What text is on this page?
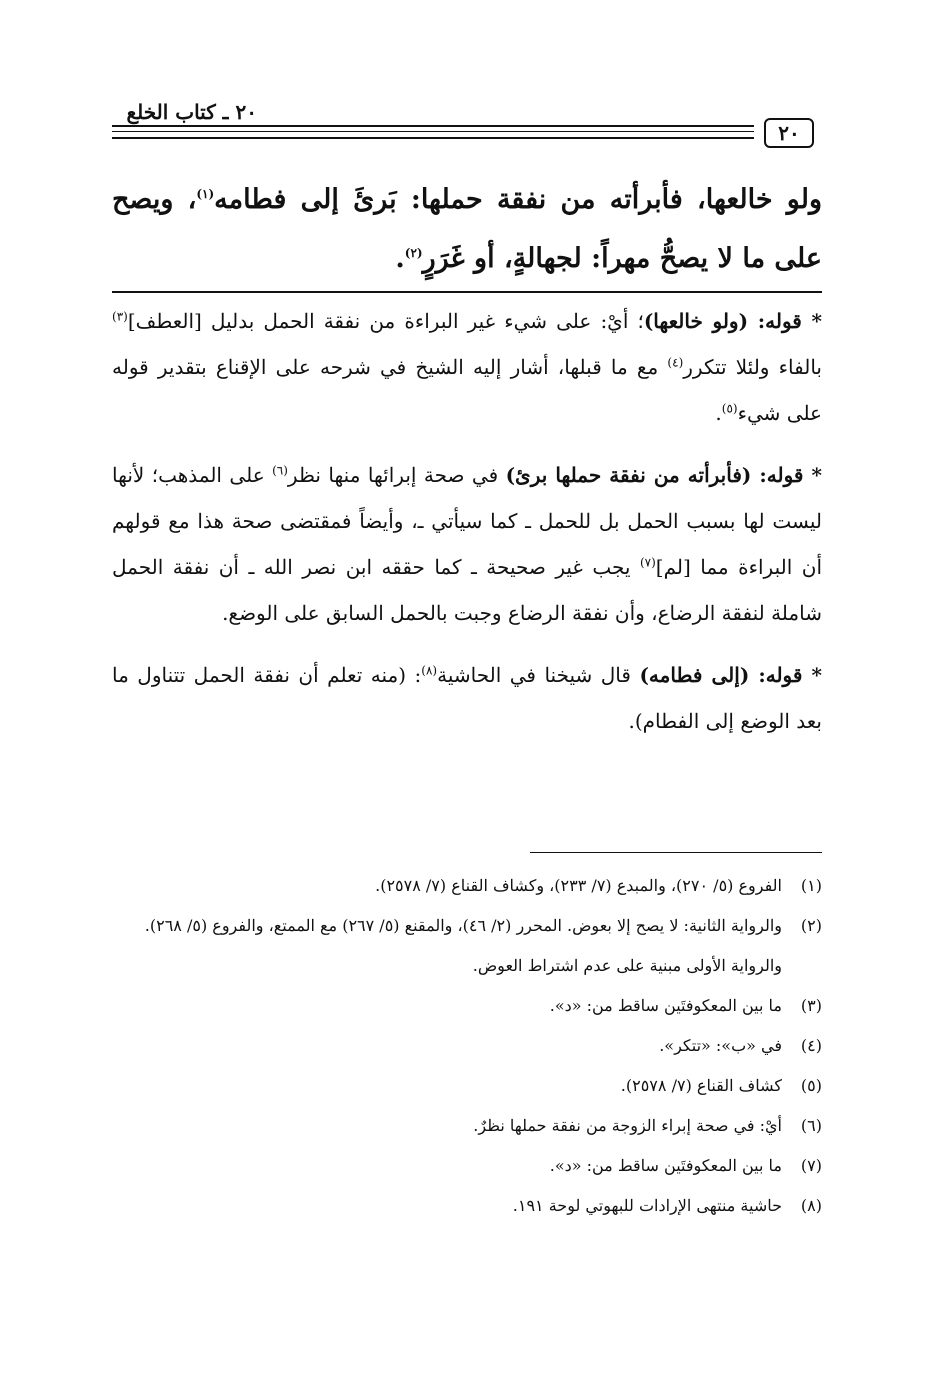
٢٠ ـ كتاب الخلع
٢٠

ولو خالعها، فأبرأته من نفقة حملها: بَرئَ إلى فطامه$^{(١)}$، ويصح على ما لا يصحُّ مهراً: لجهالةٍ، أو غَرَرٍ$^{(٢)}$.

* قوله: (ولو خالعها)؛ أيْ: على شيء غير البراءة من نفقة الحمل بدليل [العطف]$^{(٣)}$ بالفاء ولئلا تتكرر$^{(٤)}$ مع ما قبلها، أشار إليه الشيخ في شرحه على الإقناع بتقدير قوله على شيء$^{(٥)}$.

* قوله: (فأبرأته من نفقة حملها برئ) في صحة إبرائها منها نظر$^{(٦)}$ على المذهب؛ لأنها ليست لها بسبب الحمل بل للحمل ـ كما سيأتي ـ، وأيضاً فمقتضى صحة هذا مع قولهم أن البراءة مما [لم]$^{(٧)}$ يجب غير صحيحة ـ كما حققه ابن نصر الله ـ أن نفقة الحمل شاملة لنفقة الرضاع، وأن نفقة الرضاع وجبت بالحمل السابق على الوضع.

* قوله: (إلى فطامه) قال شيخنا في الحاشية$^{(٨)}$: (منه تعلم أن نفقة الحمل تتناول ما بعد الوضع إلى الفطام).

(١)
الفروع (٥/ ٢٧٠)، والمبدع (٧/ ٢٣٣)، وكشاف القناع (٧/ ٢٥٧٨).
(٢)
والرواية الثانية: لا يصح إلا بعوض. المحرر (٢/ ٤٦)، والمقنع (٥/ ٢٦٧) مع الممتع، والفروع (٥/ ٢٦٨).
والرواية الأولى مبنية على عدم اشتراط العوض.
(٣)
ما بين المعكوفتَين ساقط من: «د».
(٤)
في «ب»: «تتكر».
(٥)
كشاف القناع (٧/ ٢٥٧٨).
(٦)
أيْ: في صحة إبراء الزوجة من نفقة حملها نظرٌ.
(٧)
ما بين المعكوفتَين ساقط من: «د».
(٨)
حاشية منتهى الإرادات للبهوتي لوحة ١٩١.
